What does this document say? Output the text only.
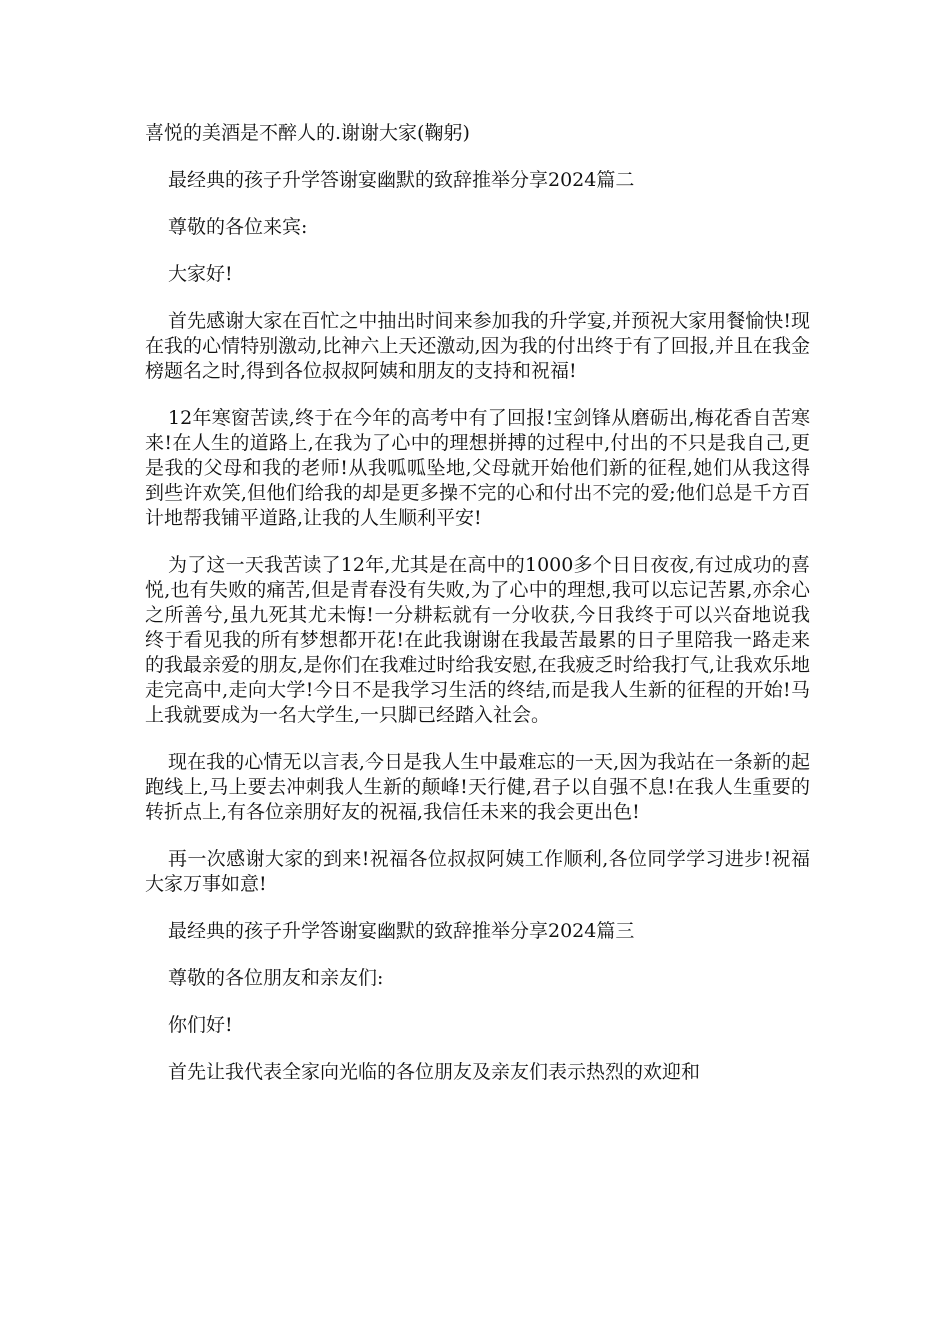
喜悦的美酒是不醉人的.谢谢大家(鞠躬)

最经典的孩子升学答谢宴幽默的致辞推举分享2024篇二

尊敬的各位来宾:

大家好!

首先感谢大家在百忙之中抽出时间来参加我的升学宴,并预祝大家用餐愉快!现在我的心情特别激动,比神六上天还激动,因为我的付出终于有了回报,并且在我金榜题名之时,得到各位叔叔阿姨和朋友的支持和祝福!

12年寒窗苦读,终于在今年的高考中有了回报!宝剑锋从磨砺出,梅花香自苦寒来!在人生的道路上,在我为了心中的理想拼搏的过程中,付出的不只是我自己,更是我的父母和我的老师!从我呱呱坠地,父母就开始他们新的征程,她们从我这得到些许欢笑,但他们给我的却是更多操不完的心和付出不完的爱;他们总是千方百计地帮我铺平道路,让我的人生顺利平安!

为了这一天我苦读了12年,尤其是在高中的1000多个日日夜夜,有过成功的喜悦,也有失败的痛苦,但是青春没有失败,为了心中的理想,我可以忘记苦累,亦余心之所善兮,虽九死其尤未悔!一分耕耘就有一分收获,今日我终于可以兴奋地说我终于看见我的所有梦想都开花!在此我谢谢在我最苦最累的日子里陪我一路走来的我最亲爱的朋友,是你们在我难过时给我安慰,在我疲乏时给我打气,让我欢乐地走完高中,走向大学!今日不是我学习生活的终结,而是我人生新的征程的开始!马上我就要成为一名大学生,一只脚已经踏入社会。

现在我的心情无以言表,今日是我人生中最难忘的一天,因为我站在一条新的起跑线上,马上要去冲刺我人生新的颠峰!天行健,君子以自强不息!在我人生重要的转折点上,有各位亲朋好友的祝福,我信任未来的我会更出色!

再一次感谢大家的到来!祝福各位叔叔阿姨工作顺利,各位同学学习进步!祝福大家万事如意!

最经典的孩子升学答谢宴幽默的致辞推举分享2024篇三

尊敬的各位朋友和亲友们:

你们好!

首先让我代表全家向光临的各位朋友及亲友们表示热烈的欢迎和
